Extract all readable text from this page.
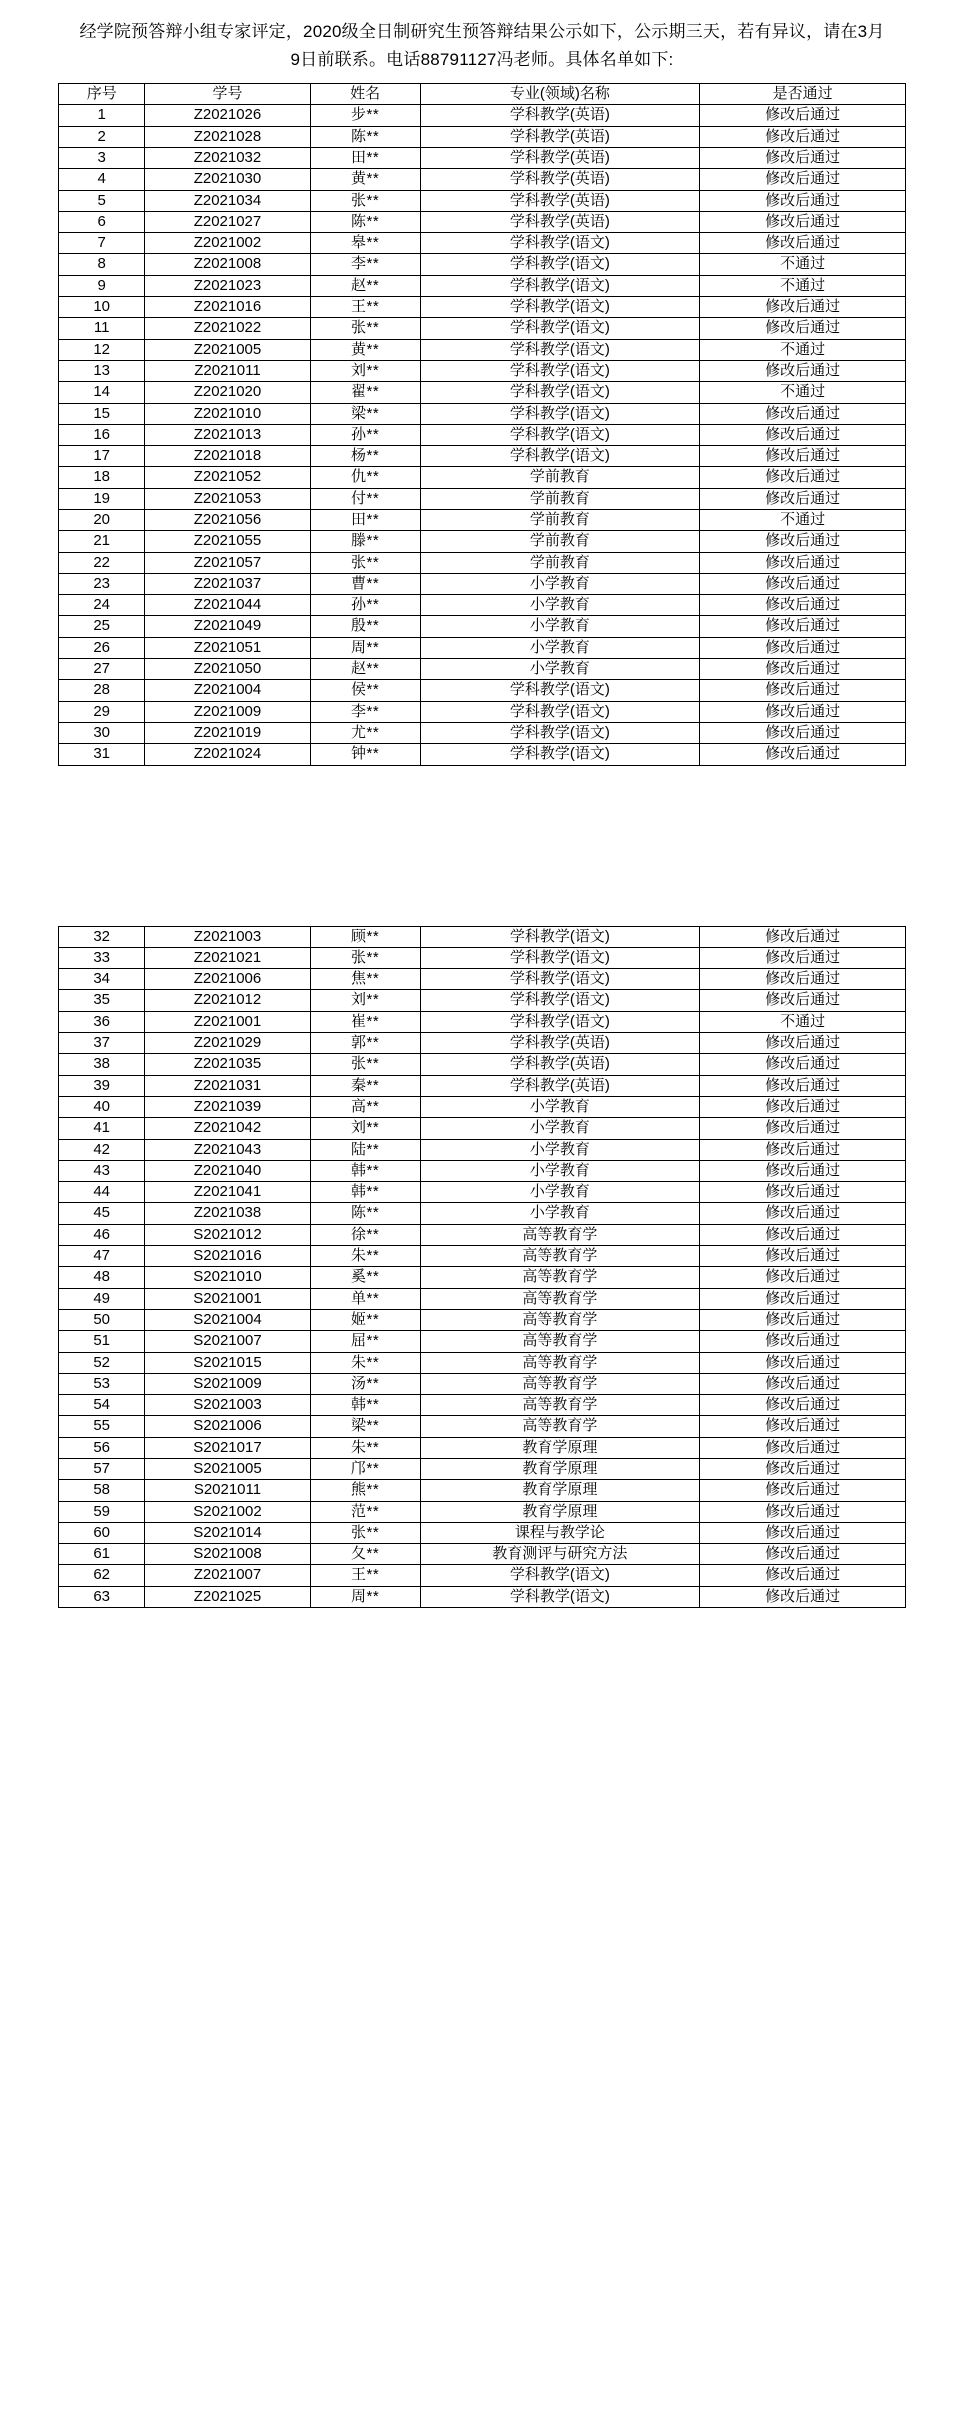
经学院预答辩小组专家评定，2020级全日制研究生预答辩结果公示如下，公示期三天，若有异议，请在3月9日前联系。电话88791127冯老师。具体名单如下:

序号	学号	姓名	专业(领域)名称	是否通过
1	Z2021026	步**	学科教学(英语)	修改后通过
2	Z2021028	陈**	学科教学(英语)	修改后通过
3	Z2021032	田**	学科教学(英语)	修改后通过
4	Z2021030	黄**	学科教学(英语)	修改后通过
5	Z2021034	张**	学科教学(英语)	修改后通过
6	Z2021027	陈**	学科教学(英语)	修改后通过
7	Z2021002	皋**	学科教学(语文)	修改后通过
8	Z2021008	李**	学科教学(语文)	不通过
9	Z2021023	赵**	学科教学(语文)	不通过
10	Z2021016	王**	学科教学(语文)	修改后通过
11	Z2021022	张**	学科教学(语文)	修改后通过
12	Z2021005	黄**	学科教学(语文)	不通过
13	Z2021011	刘**	学科教学(语文)	修改后通过
14	Z2021020	翟**	学科教学(语文)	不通过
15	Z2021010	梁**	学科教学(语文)	修改后通过
16	Z2021013	孙**	学科教学(语文)	修改后通过
17	Z2021018	杨**	学科教学(语文)	修改后通过
18	Z2021052	仇**	学前教育	修改后通过
19	Z2021053	付**	学前教育	修改后通过
20	Z2021056	田**	学前教育	不通过
21	Z2021055	滕**	学前教育	修改后通过
22	Z2021057	张**	学前教育	修改后通过
23	Z2021037	曹**	小学教育	修改后通过
24	Z2021044	孙**	小学教育	修改后通过
25	Z2021049	殷**	小学教育	修改后通过
26	Z2021051	周**	小学教育	修改后通过
27	Z2021050	赵**	小学教育	修改后通过
28	Z2021004	侯**	学科教学(语文)	修改后通过
29	Z2021009	李**	学科教学(语文)	修改后通过
30	Z2021019	尤**	学科教学(语文)	修改后通过
31	Z2021024	钟**	学科教学(语文)	修改后通过
32	Z2021003	顾**	学科教学(语文)	修改后通过
33	Z2021021	张**	学科教学(语文)	修改后通过
34	Z2021006	焦**	学科教学(语文)	修改后通过
35	Z2021012	刘**	学科教学(语文)	修改后通过
36	Z2021001	崔**	学科教学(语文)	不通过
37	Z2021029	郭**	学科教学(英语)	修改后通过
38	Z2021035	张**	学科教学(英语)	修改后通过
39	Z2021031	秦**	学科教学(英语)	修改后通过
40	Z2021039	高**	小学教育	修改后通过
41	Z2021042	刘**	小学教育	修改后通过
42	Z2021043	陆**	小学教育	修改后通过
43	Z2021040	韩**	小学教育	修改后通过
44	Z2021041	韩**	小学教育	修改后通过
45	Z2021038	陈**	小学教育	修改后通过
46	S2021012	徐**	高等教育学	修改后通过
47	S2021016	朱**	高等教育学	修改后通过
48	S2021010	奚**	高等教育学	修改后通过
49	S2021001	单**	高等教育学	修改后通过
50	S2021004	姬**	高等教育学	修改后通过
51	S2021007	屈**	高等教育学	修改后通过
52	S2021015	朱**	高等教育学	修改后通过
53	S2021009	汤**	高等教育学	修改后通过
54	S2021003	韩**	高等教育学	修改后通过
55	S2021006	梁**	高等教育学	修改后通过
56	S2021017	朱**	教育学原理	修改后通过
57	S2021005	邝**	教育学原理	修改后通过
58	S2021011	熊**	教育学原理	修改后通过
59	S2021002	范**	教育学原理	修改后通过
60	S2021014	张**	课程与教学论	修改后通过
61	S2021008	夂**	教育测评与研究方法	修改后通过
62	Z2021007	王**	学科教学(语文)	修改后通过
63	Z2021025	周**	学科教学(语文)	修改后通过
